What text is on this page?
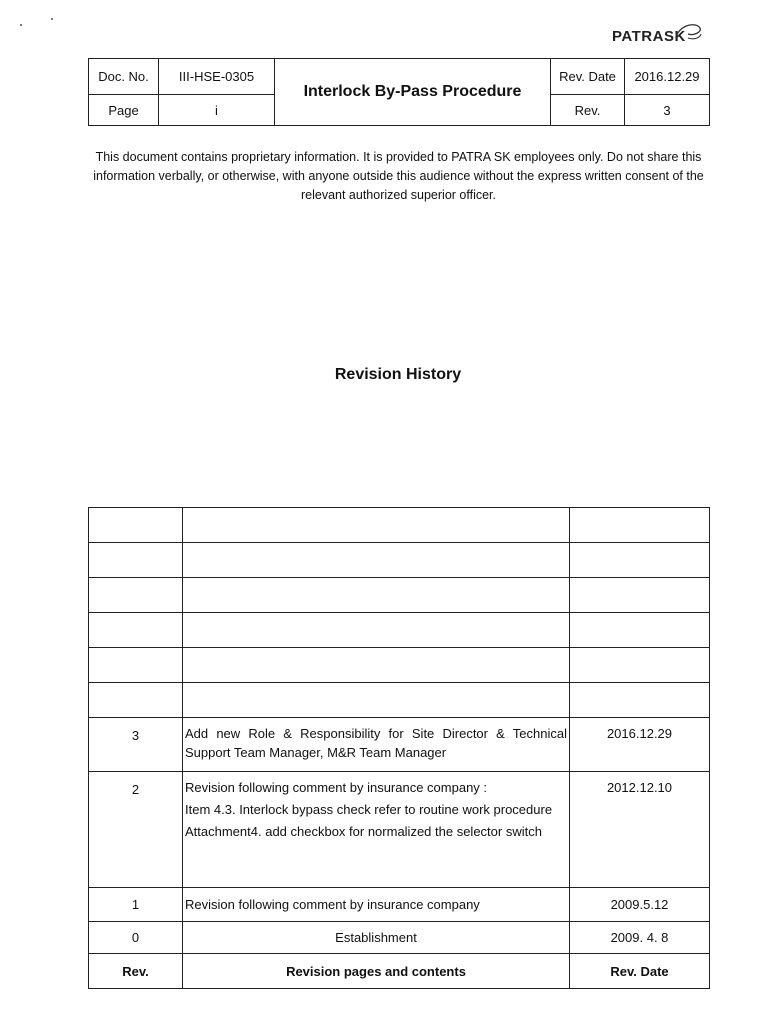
PATRASK
Doc. No.	III-HSE-0305	Interlock By-Pass Procedure	Rev. Date	2016.12.29
Page	i		Rev.	3
This document contains proprietary information. It is provided to PATRA SK employees only. Do not share this information verbally, or otherwise, with anyone outside this audience without the express written consent of the relevant authorized superior officer.
Revision History

3	Add new Role & Responsibility for Site Director & Technical Support Team Manager, M&R Team Manager	2016.12.29
2	Revision following comment by insurance company :
Item 4.3. Interlock bypass check refer to routine work procedure
Attachment4. add checkbox for normalized the selector switch	2012.12.10
1	Revision following comment by insurance company	2009.5.12
0	Establishment	2009. 4. 8
Rev.	Revision pages and contents	Rev. Date
